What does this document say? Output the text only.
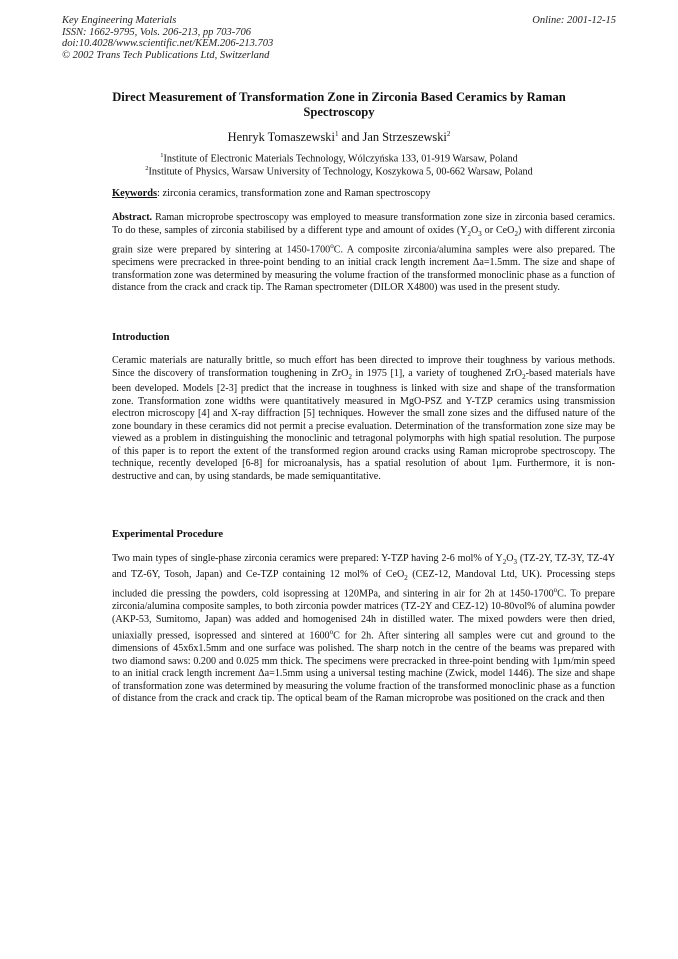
Key Engineering Materials
ISSN: 1662-9795, Vols. 206-213, pp 703-706
doi:10.4028/www.scientific.net/KEM.206-213.703
© 2002 Trans Tech Publications Ltd, Switzerland
Online: 2001-12-15
Direct Measurement of Transformation Zone in Zirconia Based Ceramics by Raman Spectroscopy
Henryk Tomaszewski$^1$ and Jan Strzeszewski$^2$
$^1$Institute of Electronic Materials Technology, Wólczyńska 133, 01-919 Warsaw, Poland
$^2$Institute of Physics, Warsaw University of Technology, Koszykowa 5, 00-662 Warsaw, Poland
Keywords: zirconia ceramics, transformation zone and Raman spectroscopy

Abstract. Raman microprobe spectroscopy was employed to measure transformation zone size in zirconia based ceramics. To do these, samples of zirconia stabilised by a different type and amount of oxides ($Y_2O_3$ or CeO$_2$) with different zirconia grain size were prepared by sintering at 1450-1700$^o$C. A composite zirconia/alumina samples were also prepared. The specimens were precracked in three-point bending to an initial crack length increment Δa=1.5mm. The size and shape of transformation zone was determined by measuring the volume fraction of the transformed monoclinic phase as a function of distance from the crack and crack tip. The Raman spectrometer (DILOR X4800) was used in the present study.

Introduction

Ceramic materials are naturally brittle, so much effort has been directed to improve their toughness by various methods. Since the discovery of transformation toughening in ZrO$_2$ in 1975 [1], a variety of toughened ZrO$_2$-based materials have been developed. Models [2-3] predict that the increase in toughness is linked with size and shape of the transformation zone. Transformation zone widths were quantitatively measured in MgO-PSZ and Y-TZP ceramics using transmission electron microscopy [4] and X-ray diffraction [5] techniques. However the small zone sizes and the diffused nature of the zone boundary in these ceramics did not permit a precise evaluation. Determination of the transformation zone size may be viewed as a problem in distinguishing the monoclinic and tetragonal polymorphs with high spatial resolution. The purpose of this paper is to report the extent of the transformed region around cracks using Raman microprobe spectroscopy. The technique, recently developed [6-8] for microanalysis, has a spatial resolution of about 1μm. Furthermore, it is non-destructive and can, by using standards, be made semiquantitative.

Experimental Procedure

Two main types of single-phase zirconia ceramics were prepared: Y-TZP having 2-6 mol% of $Y_2O_3$ (TZ-2Y, TZ-3Y, TZ-4Y and TZ-6Y, Tosoh, Japan) and Ce-TZP containing 12 mol% of CeO$_2$ (CEZ-12, Mandoval Ltd, UK). Processing steps included die pressing the powders, cold isopressing at 120MPa, and sintering in air for 2h at 1450-1700$^o$C. To prepare zirconia/alumina composite samples, to both zirconia powder matrices (TZ-2Y and CEZ-12) 10-80vol% of alumina powder (AKP-53, Sumitomo, Japan) was added and homogenised 24h in distilled water. The mixed powders were then dried, uniaxially pressed, isopressed and sintered at 1600$^o$C for 2h. After sintering all samples were cut and ground to the dimensions of 45x6x1.5mm and one surface was polished. The sharp notch in the centre of the beams was prepared with two diamond saws: 0.200 and 0.025 mm thick. The specimens were precracked in three-point bending with 1μm/min speed to an initial crack length increment Δa=1.5mm using a universal testing machine (Zwick, model 1446). The size and shape of transformation zone was determined by measuring the volume fraction of the transformed monoclinic phase as a function of distance from the crack and crack tip. The optical beam of the Raman microprobe was positioned on the crack and then
